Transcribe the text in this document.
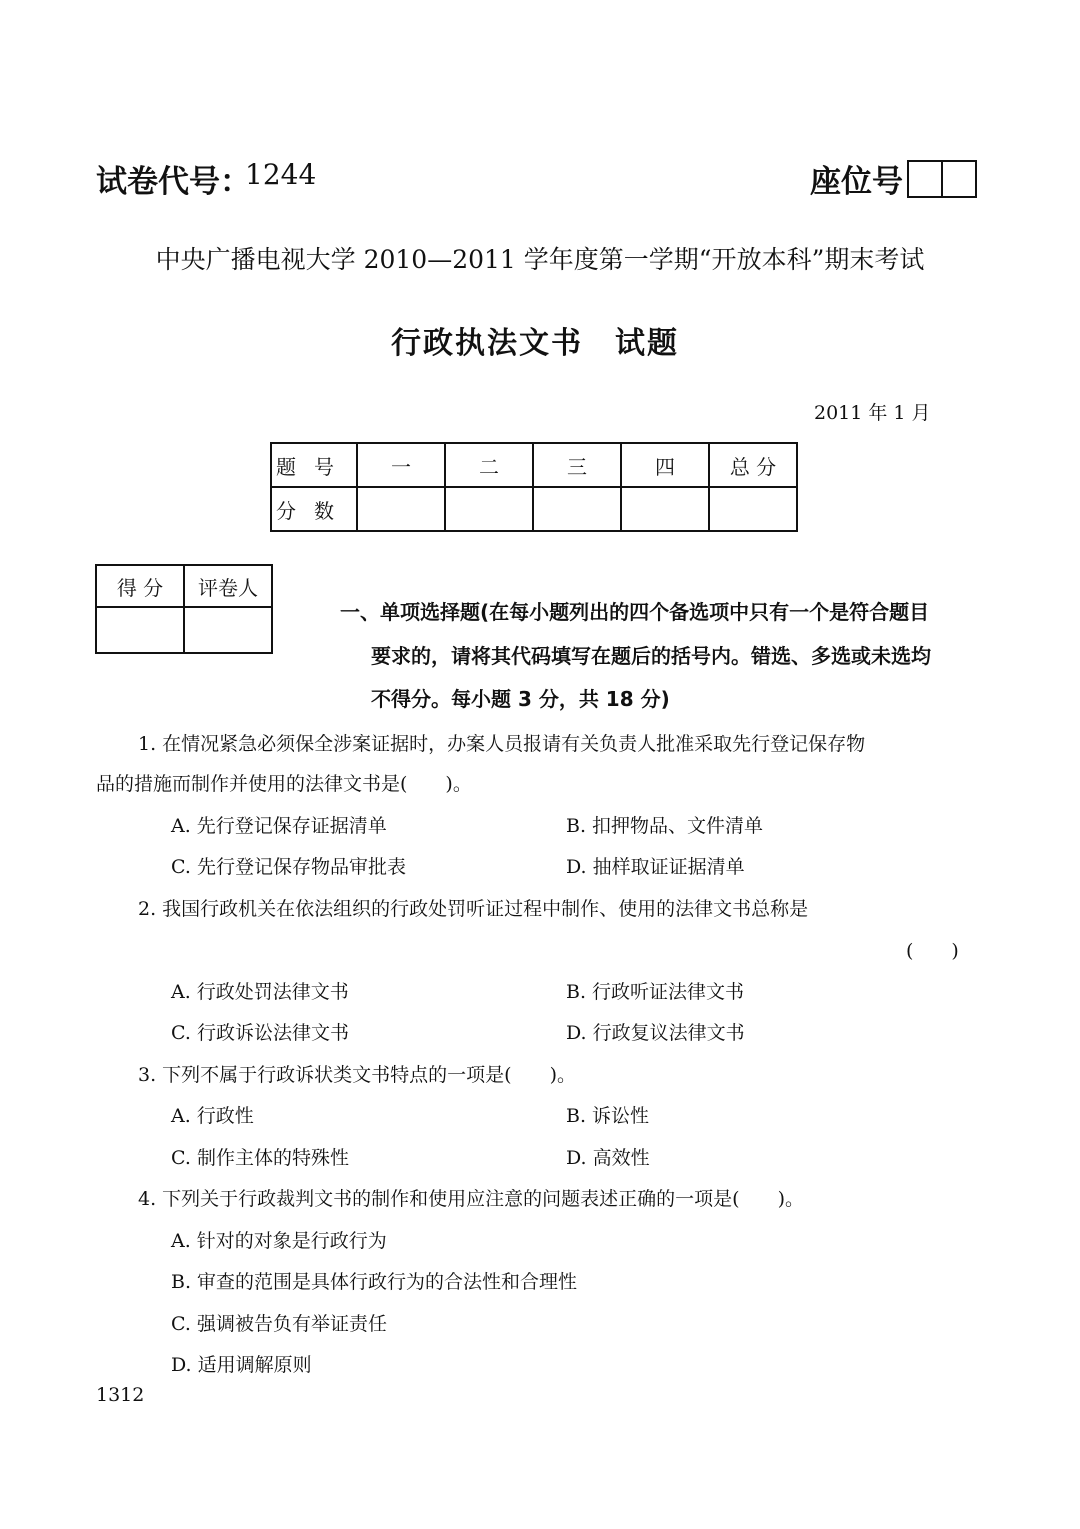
试卷代号：
1244	座位号
中央广播电视大学 2010—2011 学年度第一学期“开放本科”期末考试
行政执法文书　试题
2011 年 1 月
题号	一	二	三	四	总 分
分数					
得 分	评卷人

一、单项选择题(在每小题列出的四个备选项中只有一个是符合题目
要求的，请将其代码填写在题后的括号内。错选、多选或未选均
不得分。每小题 3 分，共 18 分)
1. 在情况紧急必须保全涉案证据时，办案人员报请有关负责人批准采取先行登记保存物
品的措施而制作并使用的法律文书是(　　)。
A. 先行登记保存证据清单	B. 扣押物品、文件清单
C. 先行登记保存物品审批表	D. 抽样取证证据清单
2. 我国行政机关在依法组织的行政处罚听证过程中制作、使用的法律文书总称是
(　　)
A. 行政处罚法律文书	B. 行政听证法律文书
C. 行政诉讼法律文书	D. 行政复议法律文书
3. 下列不属于行政诉状类文书特点的一项是(　　)。
A. 行政性	B. 诉讼性
C. 制作主体的特殊性	D. 高效性
4. 下列关于行政裁判文书的制作和使用应注意的问题表述正确的一项是(　　)。
A. 针对的对象是行政行为
B. 审查的范围是具体行政行为的合法性和合理性
C. 强调被告负有举证责任
D. 适用调解原则
1312
